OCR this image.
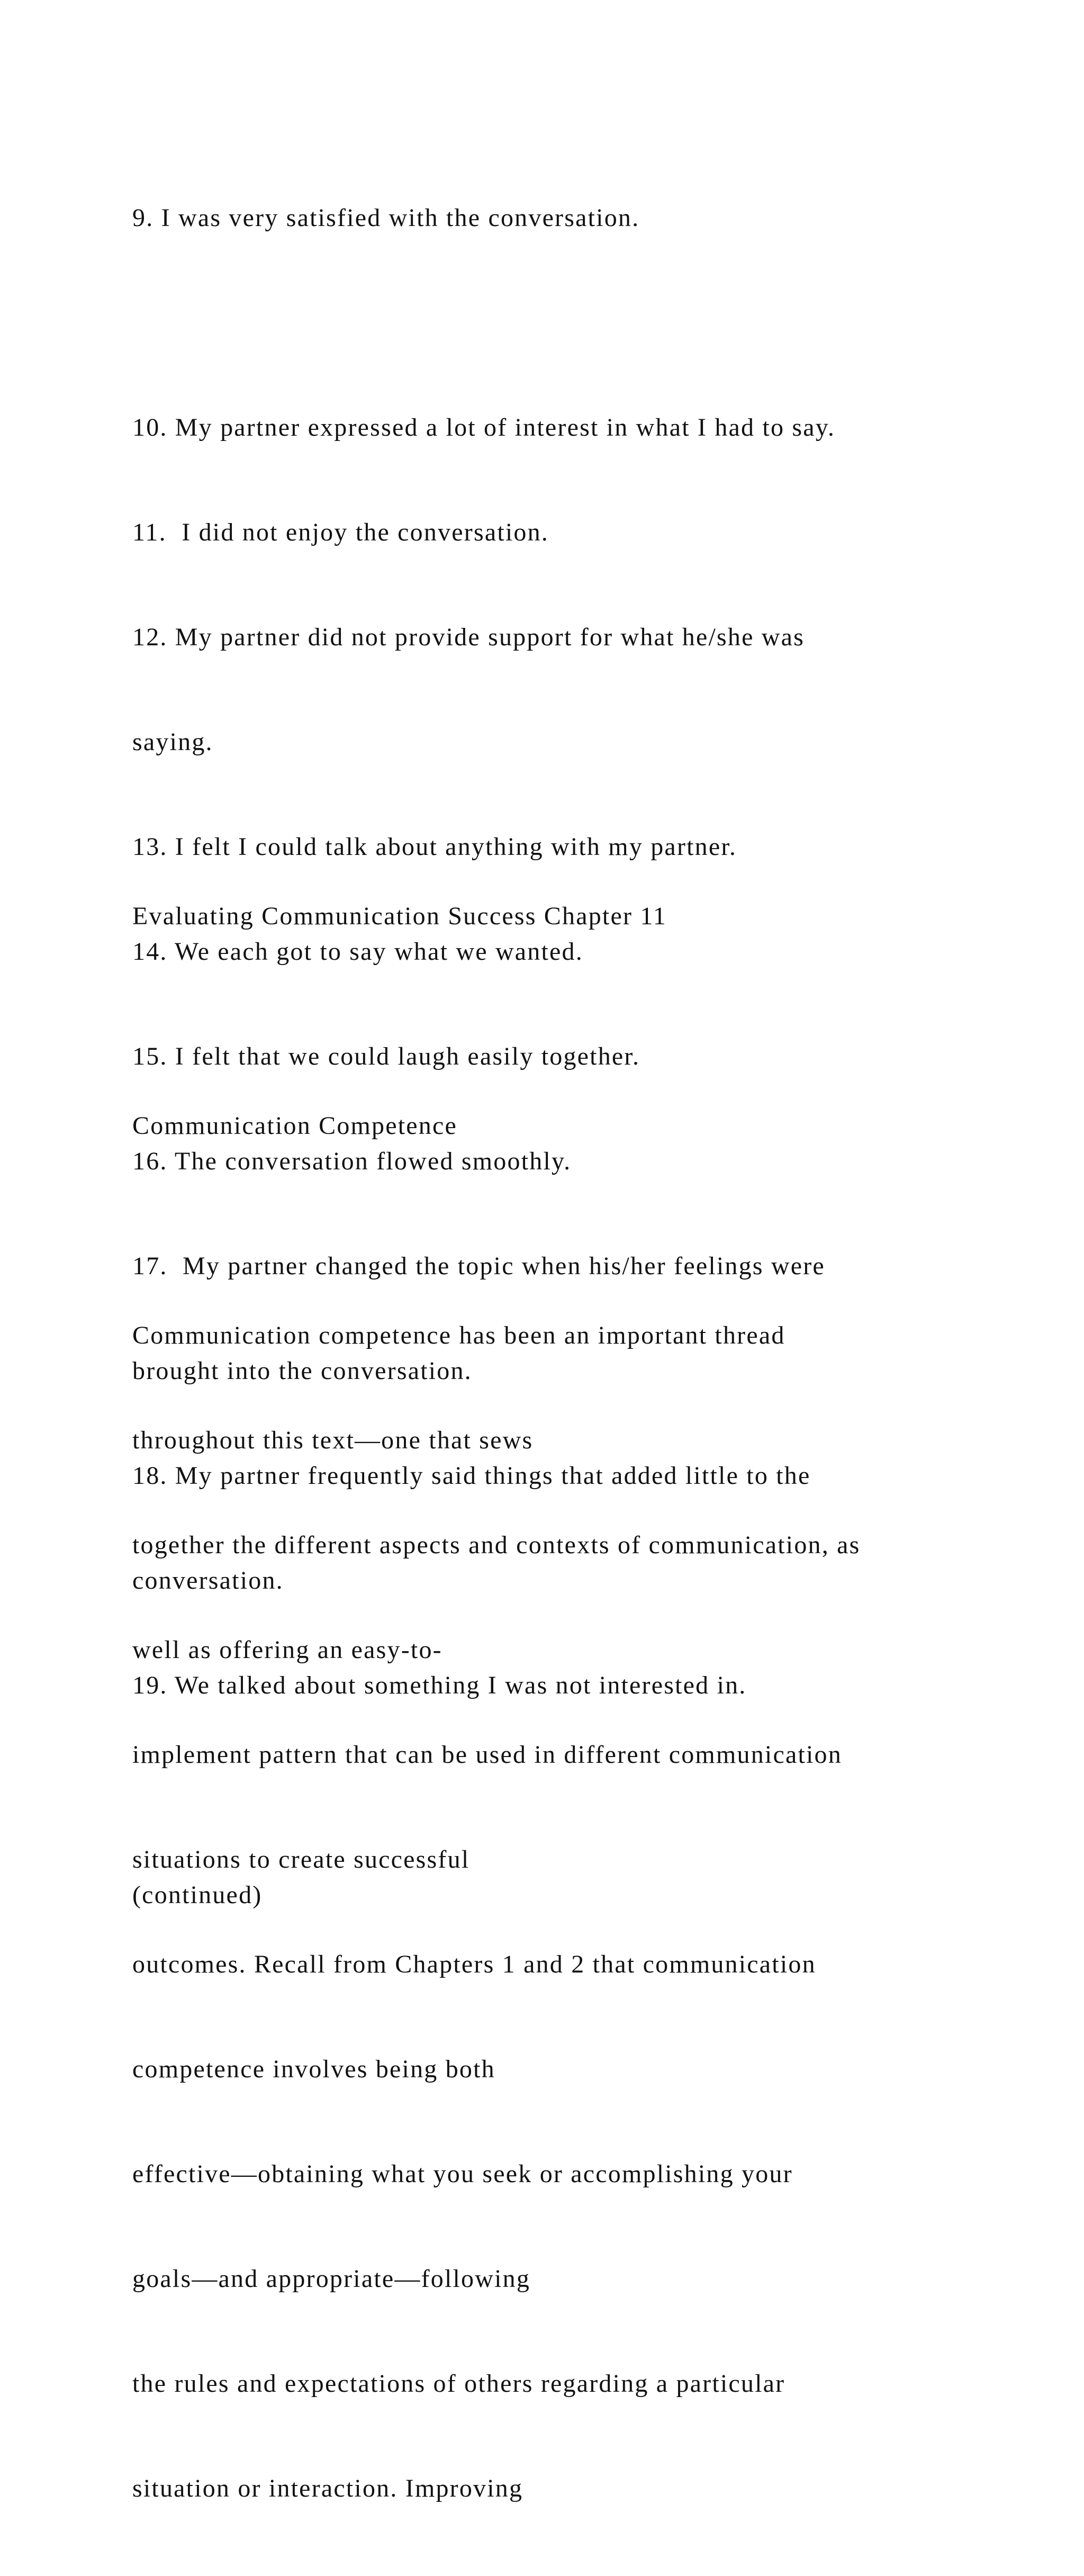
9. I was very satisfied with the conversation.

10. My partner expressed a lot of interest in what I had to say.

11.  I did not enjoy the conversation.

12. My partner did not provide support for what he/she was

saying.

13. I felt I could talk about anything with my partner.

14. We each got to say what we wanted.

15. I felt that we could laugh easily together.

16. The conversation flowed smoothly.

17.  My partner changed the topic when his/her feelings were

brought into the conversation.

18. My partner frequently said things that added little to the

conversation.

19. We talked about something I was not interested in.

(continued)

Evaluating Communication Success Chapter 11

Communication Competence

Communication competence has been an important thread

throughout this text—one that sews

together the different aspects and contexts of communication, as

well as offering an easy-to-

implement pattern that can be used in different communication

situations to create successful

outcomes. Recall from Chapters 1 and 2 that communication

competence involves being both

effective—obtaining what you seek or accomplishing your

goals—and appropriate—following

the rules and expectations of others regarding a particular

situation or interaction. Improving
